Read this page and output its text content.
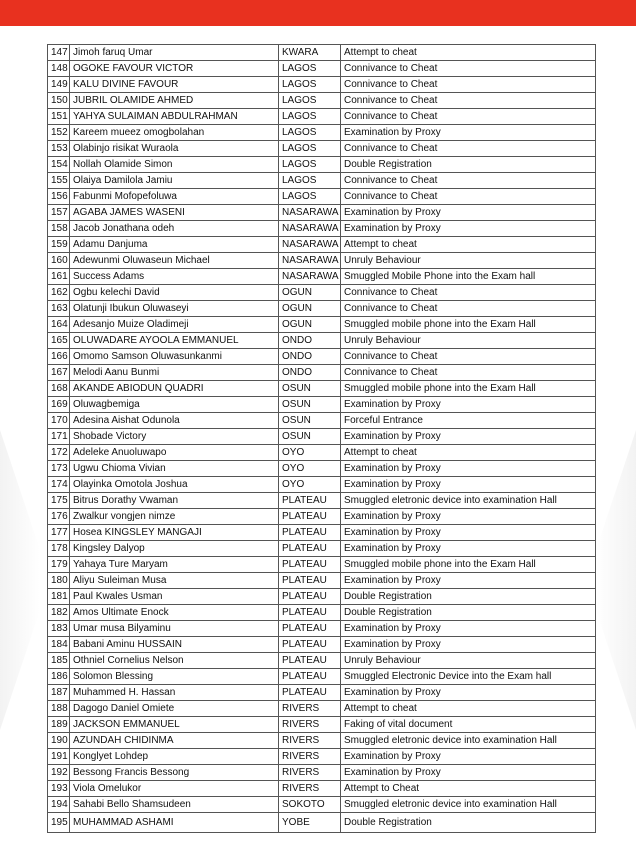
147	Jimoh faruq Umar	KWARA	Attempt to cheat
148	OGOKE FAVOUR VICTOR	LAGOS	Connivance to Cheat
149	KALU DIVINE FAVOUR	LAGOS	Connivance to Cheat
150	JUBRIL OLAMIDE AHMED	LAGOS	Connivance to Cheat
151	YAHYA SULAIMAN ABDULRAHMAN	LAGOS	Connivance to Cheat
152	Kareem mueez omogbolahan	LAGOS	Examination by Proxy
153	Olabinjo risikat Wuraola	LAGOS	Connivance to Cheat
154	Nollah Olamide Simon	LAGOS	Double Registration
155	Olaiya Damilola Jamiu	LAGOS	Connivance to Cheat
156	Fabunmi Mofopefoluwa	LAGOS	Connivance to Cheat
157	AGABA JAMES WASENI	NASARAWA	Examination by Proxy
158	Jacob Jonathana odeh	NASARAWA	Examination by Proxy
159	Adamu Danjuma	NASARAWA	Attempt to cheat
160	Adewunmi Oluwaseun Michael	NASARAWA	Unruly Behaviour
161	Success Adams	NASARAWA	Smuggled Mobile Phone into the Exam hall
162	Ogbu kelechi David	OGUN	Connivance to Cheat
163	Olatunji Ibukun Oluwaseyi	OGUN	Connivance to Cheat
164	Adesanjo Muize Oladimeji	OGUN	Smuggled mobile phone into the Exam Hall
165	OLUWADARE AYOOLA EMMANUEL	ONDO	Unruly Behaviour
166	Omomo Samson Oluwasunkanmi	ONDO	Connivance to Cheat
167	Melodi Aanu Bunmi	ONDO	Connivance to Cheat
168	AKANDE ABIODUN QUADRI	OSUN	Smuggled mobile phone into the Exam Hall
169	Oluwagbemiga	OSUN	Examination by Proxy
170	Adesina Aishat Odunola	OSUN	Forceful Entrance
171	Shobade Victory	OSUN	Examination by Proxy
172	Adeleke Anuoluwapo	OYO	Attempt to cheat
173	Ugwu Chioma Vivian	OYO	Examination by Proxy
174	Olayinka Omotola Joshua	OYO	Examination by Proxy
175	Bitrus Dorathy Vwaman	PLATEAU	Smuggled eletronic device into examination Hall
176	Zwalkur vongjen nimze	PLATEAU	Examination by Proxy
177	Hosea KINGSLEY MANGAJI	PLATEAU	Examination by Proxy
178	Kingsley Dalyop	PLATEAU	Examination by Proxy
179	Yahaya Ture Maryam	PLATEAU	Smuggled mobile phone into the Exam Hall
180	Aliyu Suleiman Musa	PLATEAU	Examination by Proxy
181	Paul Kwales Usman	PLATEAU	Double Registration
182	Amos Ultimate Enock	PLATEAU	Double Registration
183	Umar musa Bilyaminu	PLATEAU	Examination by Proxy
184	Babani Aminu HUSSAIN	PLATEAU	Examination by Proxy
185	Othniel Cornelius Nelson	PLATEAU	Unruly Behaviour
186	Solomon Blessing	PLATEAU	Smuggled Electronic Device into the Exam hall
187	Muhammed H. Hassan	PLATEAU	Examination by Proxy
188	Dagogo Daniel Omiete	RIVERS	Attempt to cheat
189	JACKSON EMMANUEL	RIVERS	Faking of vital document
190	AZUNDAH CHIDINMA	RIVERS	Smuggled eletronic device into examination Hall
191	Konglyet Lohdep	RIVERS	Examination by Proxy
192	Bessong Francis Bessong	RIVERS	Examination by Proxy
193	Viola Omelukor	RIVERS	Attempt to Cheat
194	Sahabi Bello Shamsudeen	SOKOTO	Smuggled eletronic device into examination Hall
195	MUHAMMAD ASHAMI	YOBE	Double Registration
